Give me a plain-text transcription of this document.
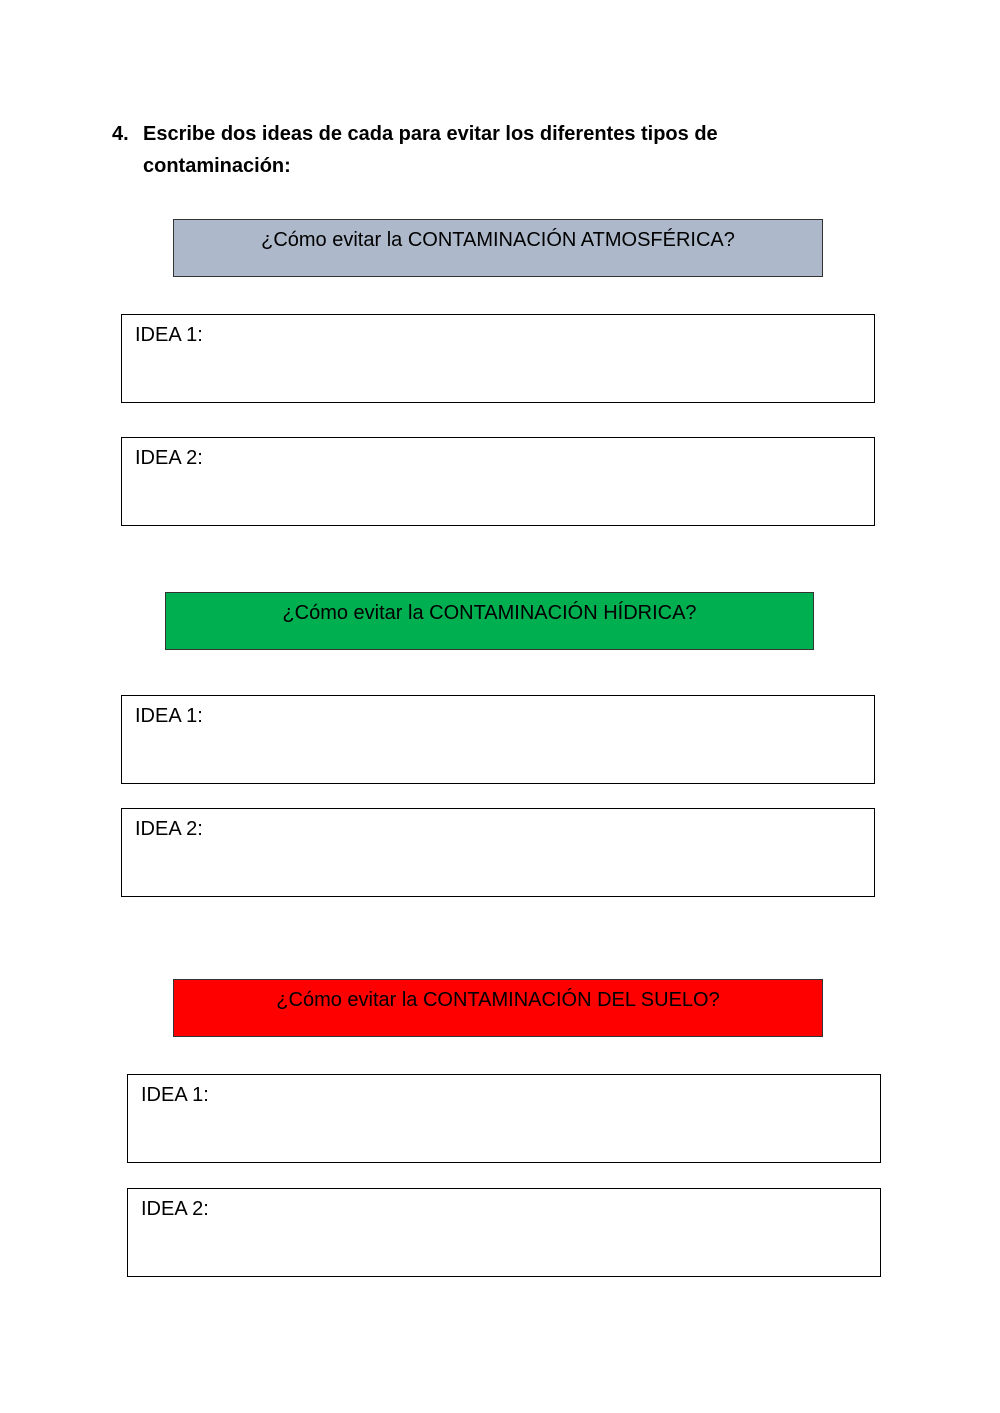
4. Escribe dos ideas de cada para evitar los diferentes tipos de contaminación:
¿Cómo evitar la CONTAMINACIÓN ATMOSFÉRICA?
IDEA 1:
IDEA 2:
¿Cómo evitar la CONTAMINACIÓN HÍDRICA?
IDEA 1:
IDEA 2:
¿Cómo evitar la CONTAMINACIÓN DEL SUELO?
IDEA 1:
IDEA 2:
